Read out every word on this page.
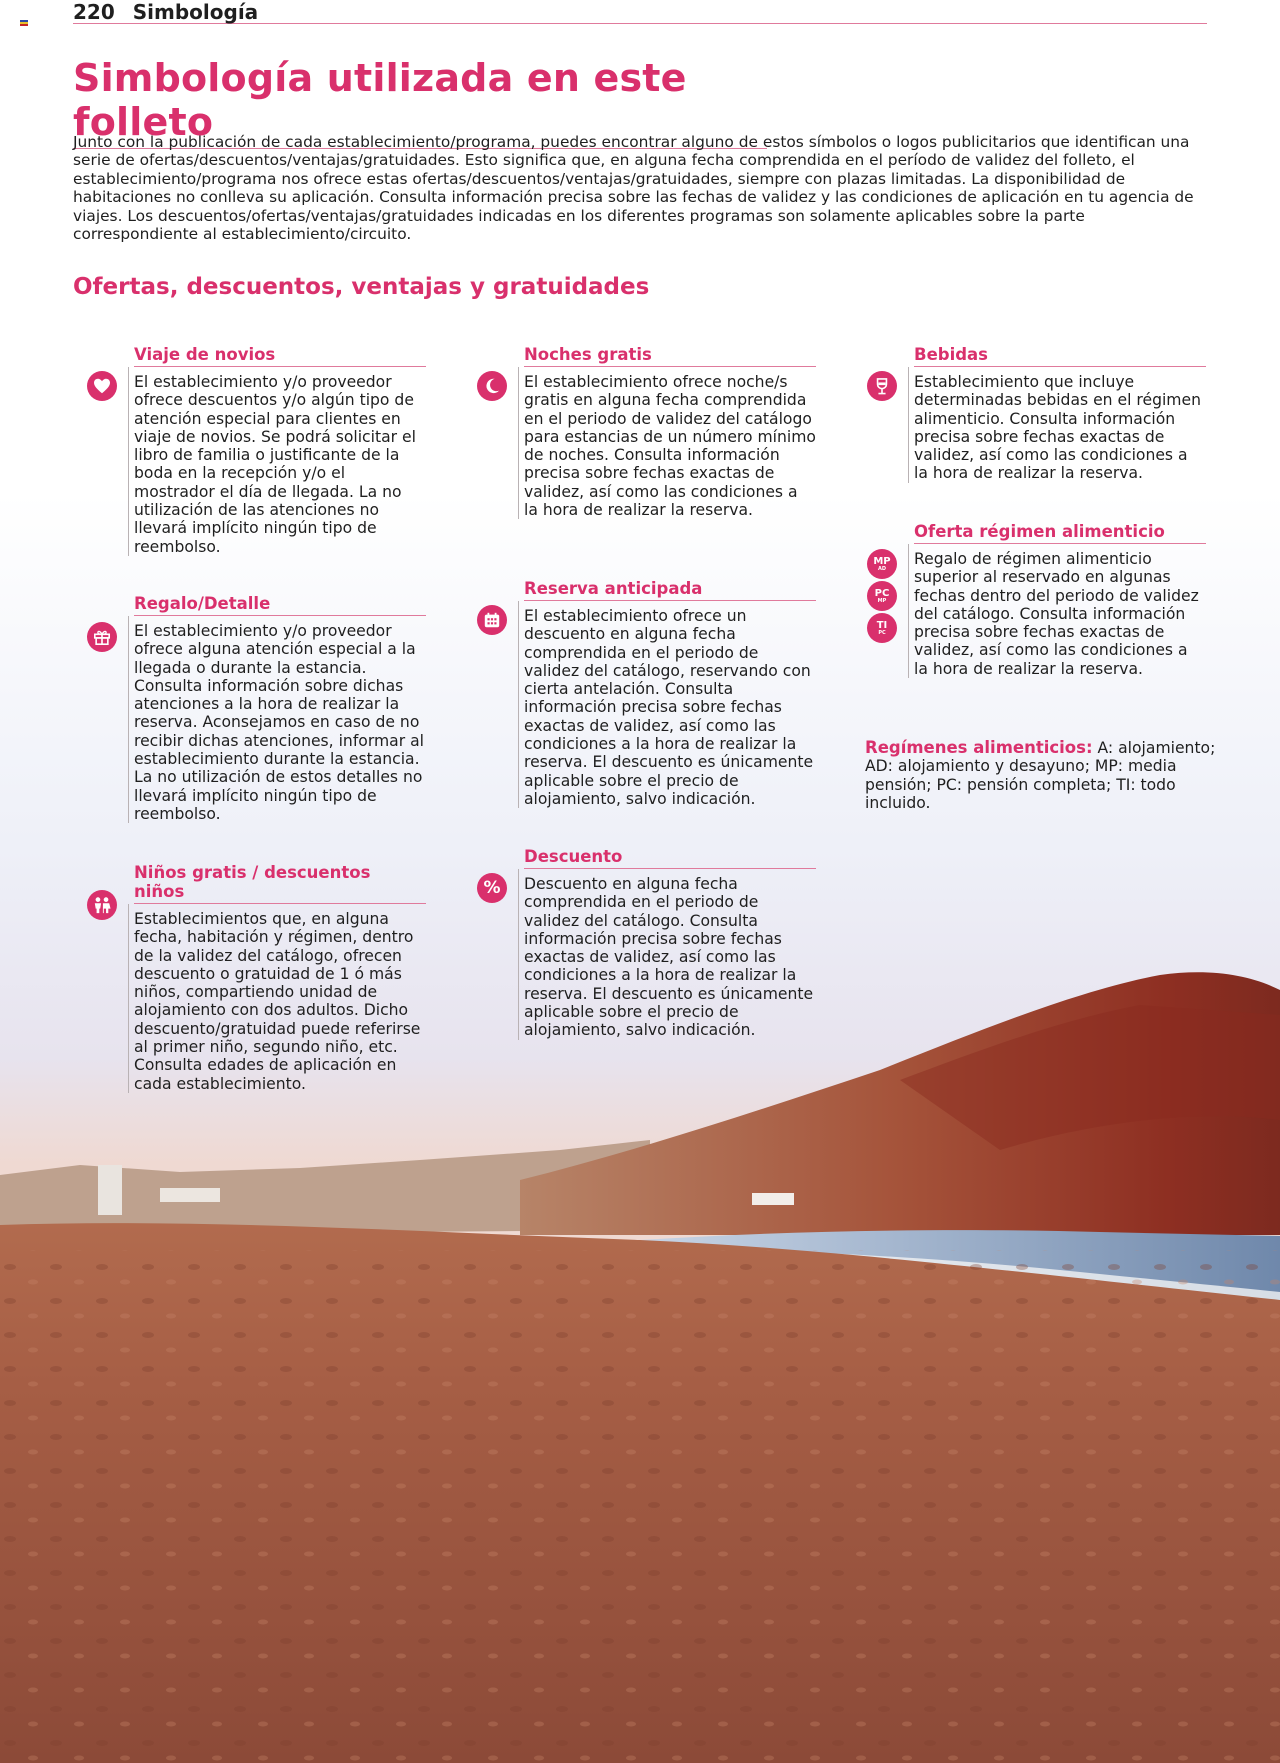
220 Simbología
Simbología utilizada en este folleto

Junto con la publicación de cada establecimiento/programa, puedes encontrar alguno de estos símbolos o logos publicitarios que identifican una serie de ofertas/descuentos/ventajas/gratuidades. Esto significa que, en alguna fecha comprendida en el período de validez del folleto, el establecimiento/programa nos ofrece estas ofertas/descuentos/ventajas/gratuidades, siempre con plazas limitadas. La disponibilidad de habitaciones no conlleva su aplicación. Consulta información precisa sobre las fechas de validez y las condiciones de aplicación en tu agencia de viajes. Los descuentos/ofertas/ventajas/gratuidades indicadas en los diferentes programas son solamente aplicables sobre la parte correspondiente al establecimiento/circuito.

Ofertas, descuentos, ventajas y gratuidades
Viaje de novios

El establecimiento y/o proveedor ofrece descuentos y/o algún tipo de atención especial para clientes en viaje de novios. Se podrá solicitar el libro de familia o justificante de la boda en la recepción y/o el mostrador el día de llegada. La no utilización de las atenciones no llevará implícito ningún tipo de reembolso.

Regalo/Detalle

El establecimiento y/o proveedor ofrece alguna atención especial a la llegada o durante la estancia. Consulta información sobre dichas atenciones a la hora de realizar la reserva. Aconsejamos en caso de no recibir dichas atenciones, informar al establecimiento durante la estancia. La no utilización de estos detalles no llevará implícito ningún tipo de reembolso.

Niños gratis / descuentos niños

Establecimientos que, en alguna fecha, habitación y régimen, dentro de la validez del catálogo, ofrecen descuento o gratuidad de 1 ó más niños, compartiendo unidad de alojamiento con dos adultos. Dicho descuento/gratuidad puede referirse al primer niño, segundo niño, etc. Consulta edades de aplicación en cada establecimiento.

Noches gratis

El establecimiento ofrece noche/s gratis en alguna fecha comprendida en el periodo de validez del catálogo para estancias de un número mínimo de noches. Consulta información precisa sobre fechas exactas de validez, así como las condiciones a la hora de realizar la reserva.

Reserva anticipada

El establecimiento ofrece un descuento en alguna fecha comprendida en el periodo de validez del catálogo, reservando con cierta antelación. Consulta información precisa sobre fechas exactas de validez, así como las condiciones a la hora de realizar la reserva. El descuento es únicamente aplicable sobre el precio de alojamiento, salvo indicación.

%
Descuento

Descuento en alguna fecha comprendida en el periodo de validez del catálogo. Consulta información precisa sobre fechas exactas de validez, así como las condiciones a la hora de realizar la reserva. El descuento es únicamente aplicable sobre el precio de alojamiento, salvo indicación.

Bebidas

Establecimiento que incluye determinadas bebidas en el régimen alimenticio. Consulta información precisa sobre fechas exactas de validez, así como las condiciones a la hora de realizar la reserva.

MP
AD
PC
MP
TI
PC
Oferta régimen alimenticio

Regalo de régimen alimenticio superior al reservado en algunas fechas dentro del periodo de validez del catálogo. Consulta información precisa sobre fechas exactas de validez, así como las condiciones a la hora de realizar la reserva.

Regímenes alimenticios: A: alojamiento; AD: alojamiento y desayuno; MP: media pensión; PC: pensión completa; TI: todo incluido.
